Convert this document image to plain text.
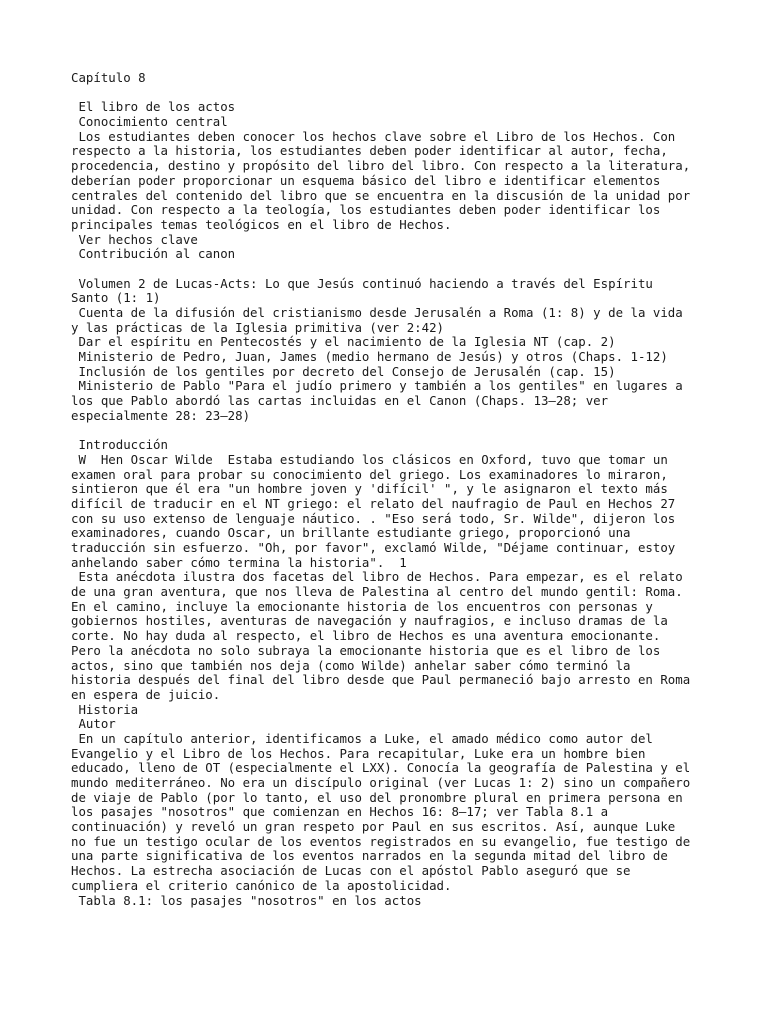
Capítulo 8
El libro de los actos
Conocimiento central
Los estudiantes deben conocer los hechos clave sobre el Libro de los Hechos. Con
respecto a la historia, los estudiantes deben poder identificar al autor, fecha,
procedencia, destino y propósito del libro del libro. Con respecto a la literatura,
deberían poder proporcionar un esquema básico del libro e identificar elementos
centrales del contenido del libro que se encuentra en la discusión de la unidad por
unidad. Con respecto a la teología, los estudiantes deben poder identificar los
principales temas teológicos en el libro de Hechos.
Ver hechos clave
Contribución al canon
Volumen 2 de Lucas-Acts: Lo que Jesús continuó haciendo a través del Espíritu
Santo (1: 1)
Cuenta de la difusión del cristianismo desde Jerusalén a Roma (1: 8) y de la vida
y las prácticas de la Iglesia primitiva (ver 2:42)
Dar el espíritu en Pentecostés y el nacimiento de la Iglesia NT (cap. 2)
Ministerio de Pedro, Juan, James (medio hermano de Jesús) y otros (Chaps. 1-12)
Inclusión de los gentiles por decreto del Consejo de Jerusalén (cap. 15)
Ministerio de Pablo "Para el judío primero y también a los gentiles" en lugares a
los que Pablo abordó las cartas incluidas en el Canon (Chaps. 13–28; ver
especialmente 28: 23–28)
Introducción
W  Hen Oscar Wilde  Estaba estudiando los clásicos en Oxford, tuvo que tomar un
examen oral para probar su conocimiento del griego. Los examinadores lo miraron,
sintieron que él era "un hombre joven y 'difícil' ", y le asignaron el texto más
difícil de traducir en el NT griego: el relato del naufragio de Paul en Hechos 27
con su uso extenso de lenguaje náutico. . "Eso será todo, Sr. Wilde", dijeron los
examinadores, cuando Oscar, un brillante estudiante griego, proporcionó una
traducción sin esfuerzo. "Oh, por favor", exclamó Wilde, "Déjame continuar, estoy
anhelando saber cómo termina la historia".  1
Esta anécdota ilustra dos facetas del libro de Hechos. Para empezar, es el relato
de una gran aventura, que nos lleva de Palestina al centro del mundo gentil: Roma.
En el camino, incluye la emocionante historia de los encuentros con personas y
gobiernos hostiles, aventuras de navegación y naufragios, e incluso dramas de la
corte. No hay duda al respecto, el libro de Hechos es una aventura emocionante.
Pero la anécdota no solo subraya la emocionante historia que es el libro de los
actos, sino que también nos deja (como Wilde) anhelar saber cómo terminó la
historia después del final del libro desde que Paul permaneció bajo arresto en Roma
en espera de juicio.
Historia
Autor
En un capítulo anterior, identificamos a Luke, el amado médico como autor del
Evangelio y el Libro de los Hechos. Para recapitular, Luke era un hombre bien
educado, lleno de OT (especialmente el LXX). Conocía la geografía de Palestina y el
mundo mediterráneo. No era un discípulo original (ver Lucas 1: 2) sino un compañero
de viaje de Pablo (por lo tanto, el uso del pronombre plural en primera persona en
los pasajes "nosotros" que comienzan en Hechos 16: 8–17; ver Tabla 8.1 a
continuación) y reveló un gran respeto por Paul en sus escritos. Así, aunque Luke
no fue un testigo ocular de los eventos registrados en su evangelio, fue testigo de
una parte significativa de los eventos narrados en la segunda mitad del libro de
Hechos. La estrecha asociación de Lucas con el apóstol Pablo aseguró que se
cumpliera el criterio canónico de la apostolicidad.
Tabla 8.1: los pasajes "nosotros" en los actos
